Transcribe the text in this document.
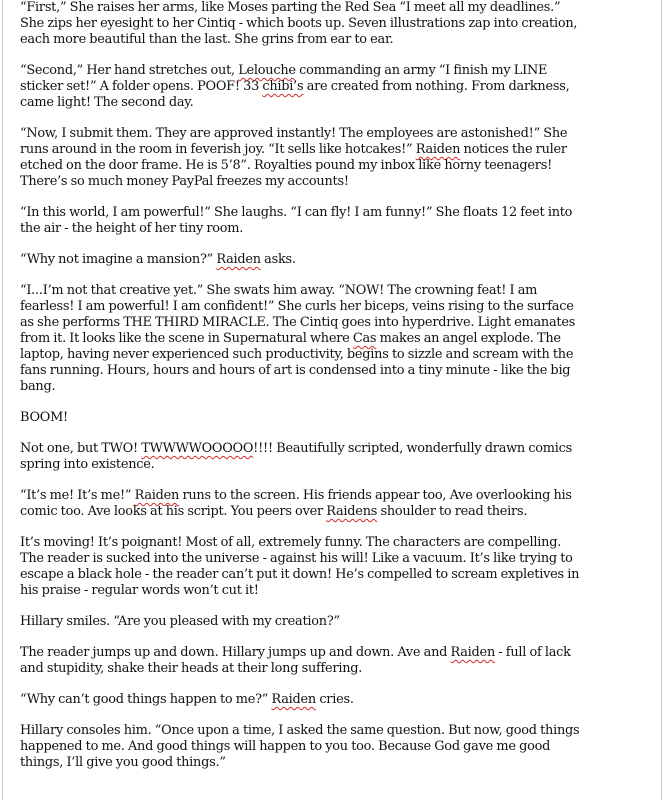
“First,” She raises her arms, like Moses parting the Red Sea “I meet all my deadlines.”
She zips her eyesight to her Cintiq - which boots up. Seven illustrations zap into creation,
each more beautiful than the last. She grins from ear to ear.

“Second,” Her hand stretches out, Lelouche commanding an army “I finish my LINE
sticker set!” A folder opens. POOF! 33 chibi’s are created from nothing. From darkness,
came light! The second day.

“Now, I submit them. They are approved instantly! The employees are astonished!” She
runs around in the room in feverish joy. “It sells like hotcakes!” Raiden notices the ruler
etched on the door frame. He is 5’8”. Royalties pound my inbox like horny teenagers!
There’s so much money PayPal freezes my accounts!

“In this world, I am powerful!” She laughs. “I can fly! I am funny!” She floats 12 feet into
the air - the height of her tiny room.

“Why not imagine a mansion?” Raiden asks.

“I...I’m not that creative yet.” She swats him away. “NOW! The crowning feat! I am
fearless! I am powerful! I am confident!” She curls her biceps, veins rising to the surface
as she performs THE THIRD MIRACLE. The Cintiq goes into hyperdrive. Light emanates
from it. It looks like the scene in Supernatural where Cas makes an angel explode. The
laptop, having never experienced such productivity, begins to sizzle and scream with the
fans running. Hours, hours and hours of art is condensed into a tiny minute - like the big
bang.

BOOM!

Not one, but TWO! TWWWWOOOOO!!!! Beautifully scripted, wonderfully drawn comics
spring into existence.

“It’s me! It’s me!” Raiden runs to the screen. His friends appear too, Ave overlooking his
comic too. Ave looks at his script. You peers over Raidens shoulder to read theirs.

It’s moving! It’s poignant! Most of all, extremely funny. The characters are compelling.
The reader is sucked into the universe - against his will! Like a vacuum. It’s like trying to
escape a black hole - the reader can’t put it down! He’s compelled to scream expletives in
his praise - regular words won’t cut it!

Hillary smiles. “Are you pleased with my creation?”

The reader jumps up and down. Hillary jumps up and down. Ave and Raiden - full of lack
and stupidity, shake their heads at their long suffering.

“Why can’t good things happen to me?” Raiden cries.

Hillary consoles him. “Once upon a time, I asked the same question. But now, good things
happened to me. And good things will happen to you too. Because God gave me good
things, I’ll give you good things.”
